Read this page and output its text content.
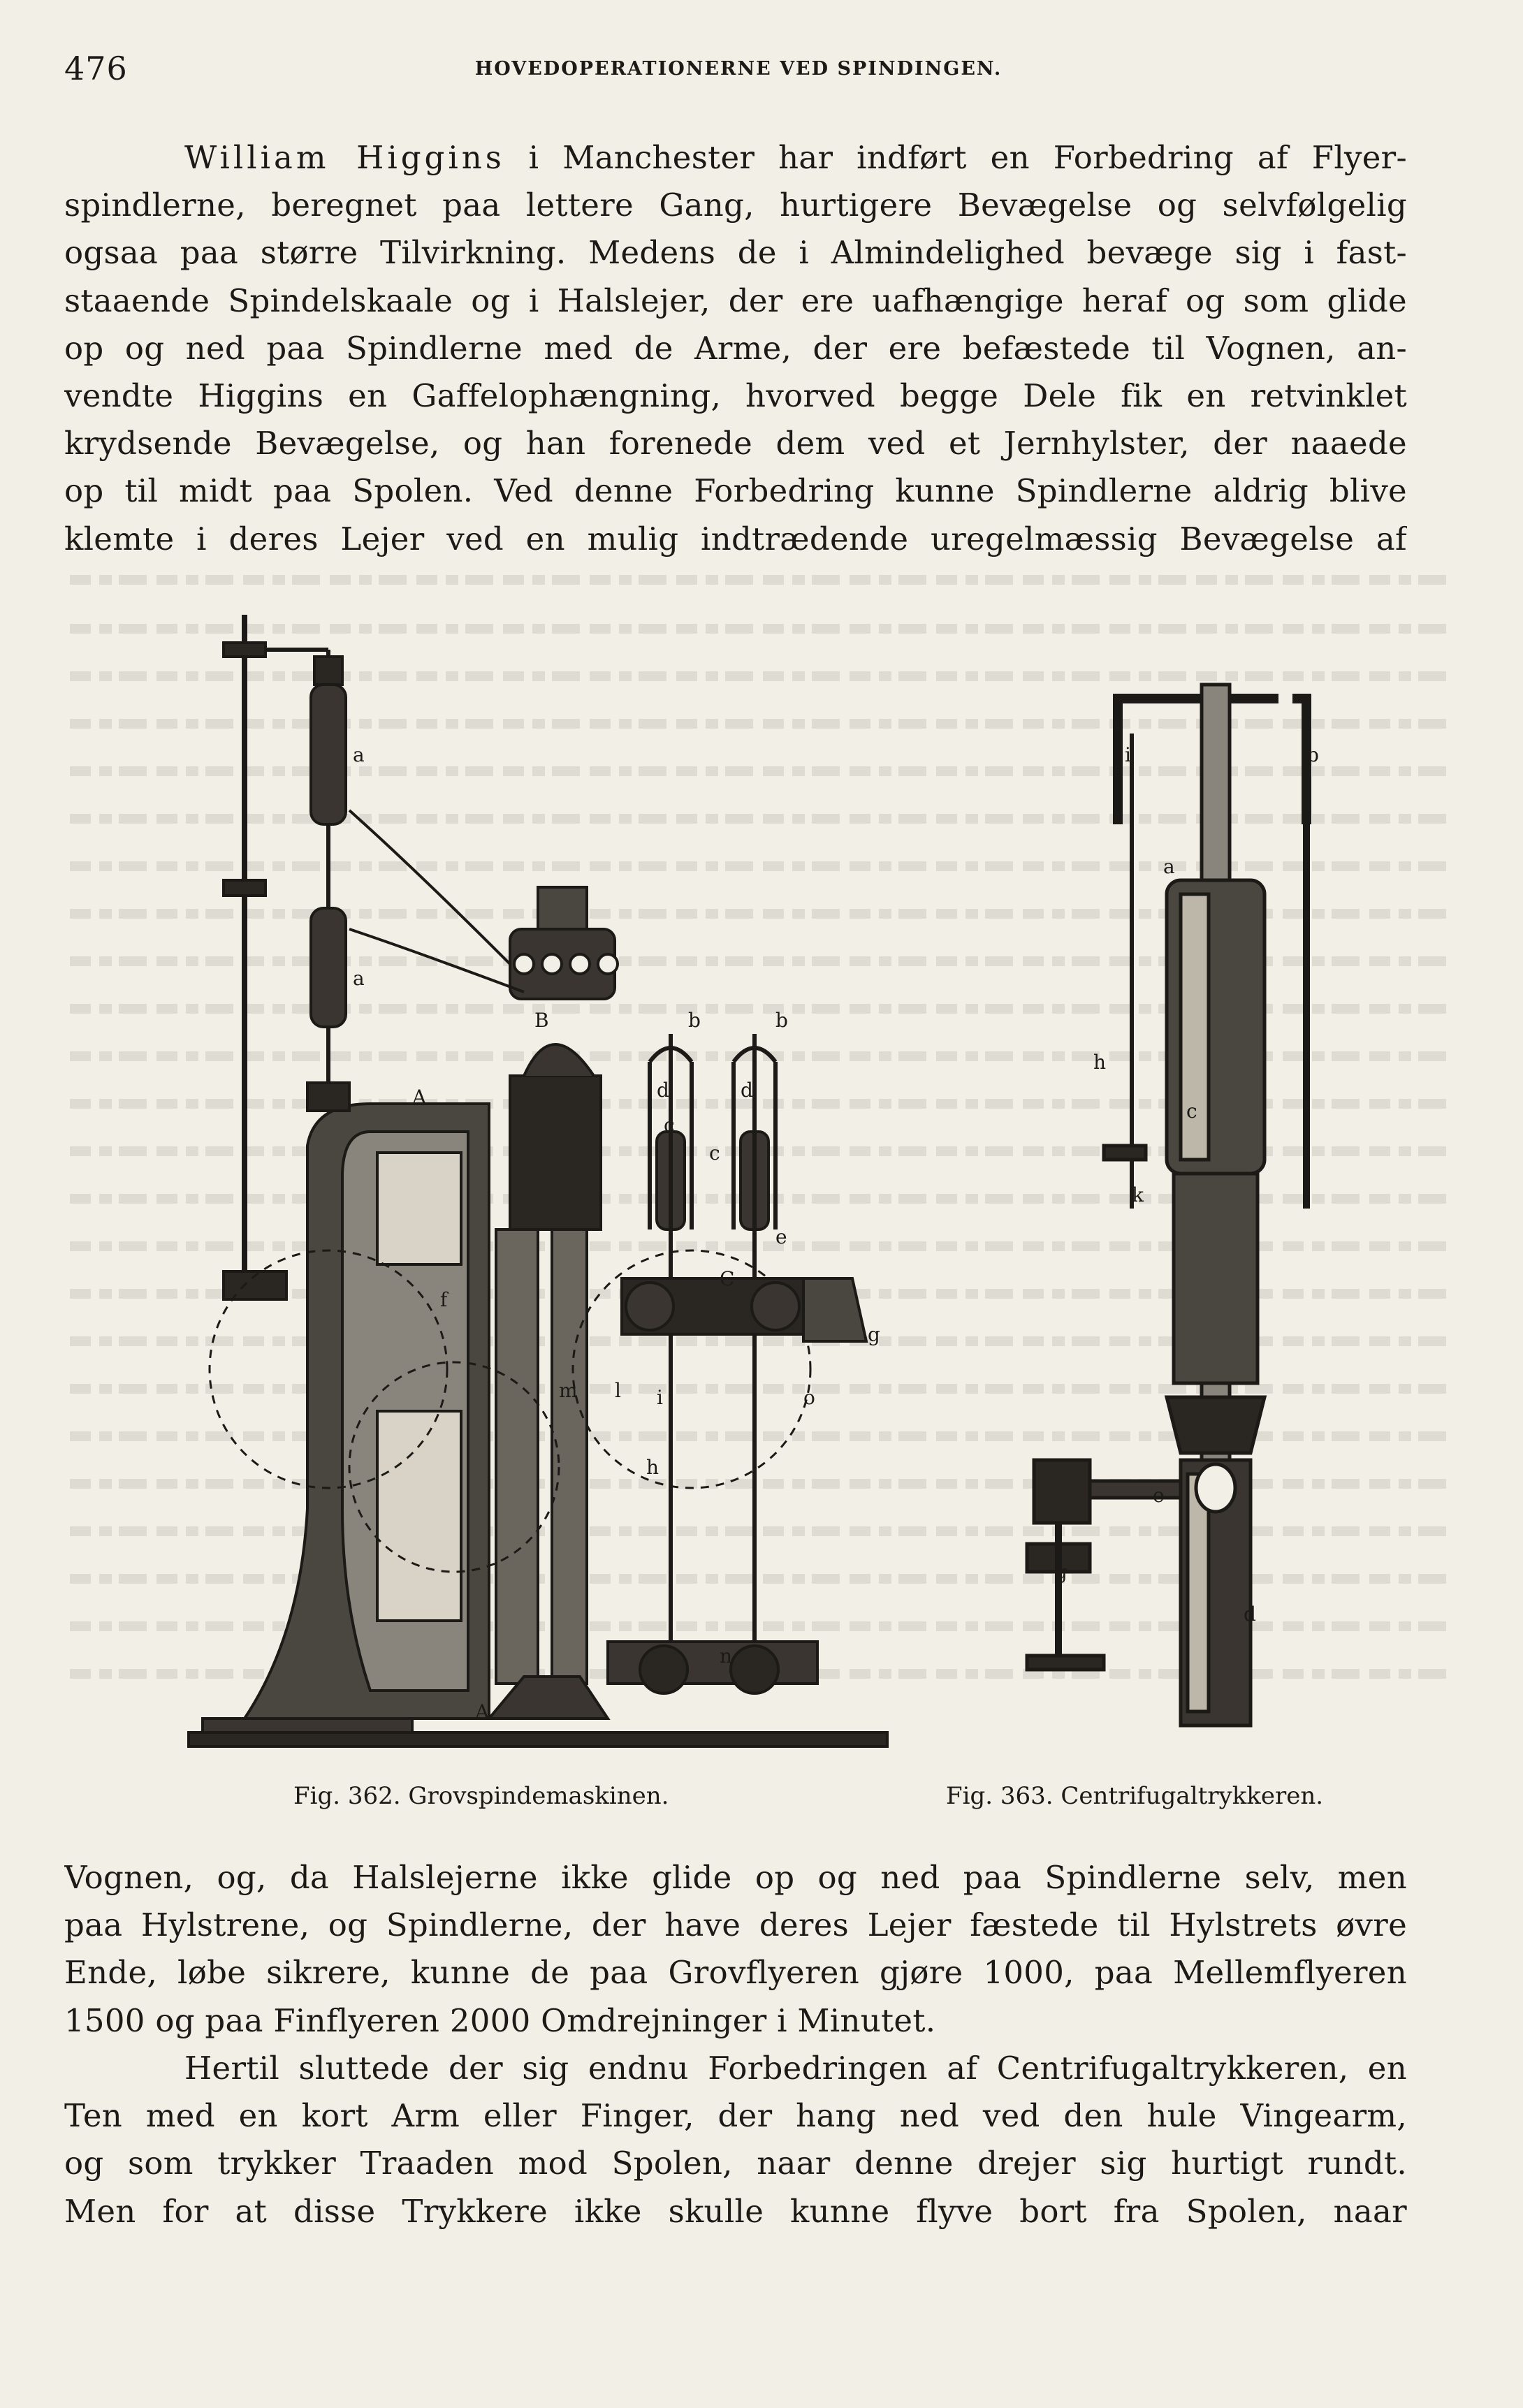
476	HOVEDOPERATIONERNE VED SPINDINGEN.
William Higgins i Manchester har indført en Forbedring af Flyer-
spindlerne, beregnet paa lettere Gang, hurtigere Bevægelse og selvfølgelig
ogsaa paa større Tilvirkning. Medens de i Almindelighed bevæge sig i fast-
staaende Spindelskaale og i Halslejer, der ere uafhængige heraf og som glide
op og ned paa Spindlerne med de Arme, der ere befæstede til Vognen, an-
vendte Higgins en Gaffelophængning, hvorved begge Dele fik en retvinklet
krydsende Bevægelse, og han forenede dem ved et Jernhylster, der naaede
op til midt paa Spolen. Ved denne Forbedring kunne Spindlerne aldrig blive
klemte i deres Lejer ved en mulig indtrædende uregelmæssig Bevægelse af
a
a
A
A
B
C
b	b
c
c
d	d
e
f
g
h
i
l
n
m	o
b
i
a
h
k
c
e
g
d
Fig. 362. Grovspindemaskinen.	Fig. 363. Centrifugaltrykkeren.
Vognen, og, da Halslejerne ikke glide op og ned paa Spindlerne selv, men
paa Hylstrene, og Spindlerne, der have deres Lejer fæstede til Hylstrets øvre
Ende, løbe sikrere, kunne de paa Grovflyeren gjøre 1000, paa Mellemflyeren
1500 og paa Finflyeren 2000 Omdrejninger i Minutet.
Hertil sluttede der sig endnu Forbedringen af Centrifugaltrykkeren, en
Ten med en kort Arm eller Finger, der hang ned ved den hule Vingearm,
og som trykker Traaden mod Spolen, naar denne drejer sig hurtigt rundt.
Men for at disse Trykkere ikke skulle kunne flyve bort fra Spolen, naar
